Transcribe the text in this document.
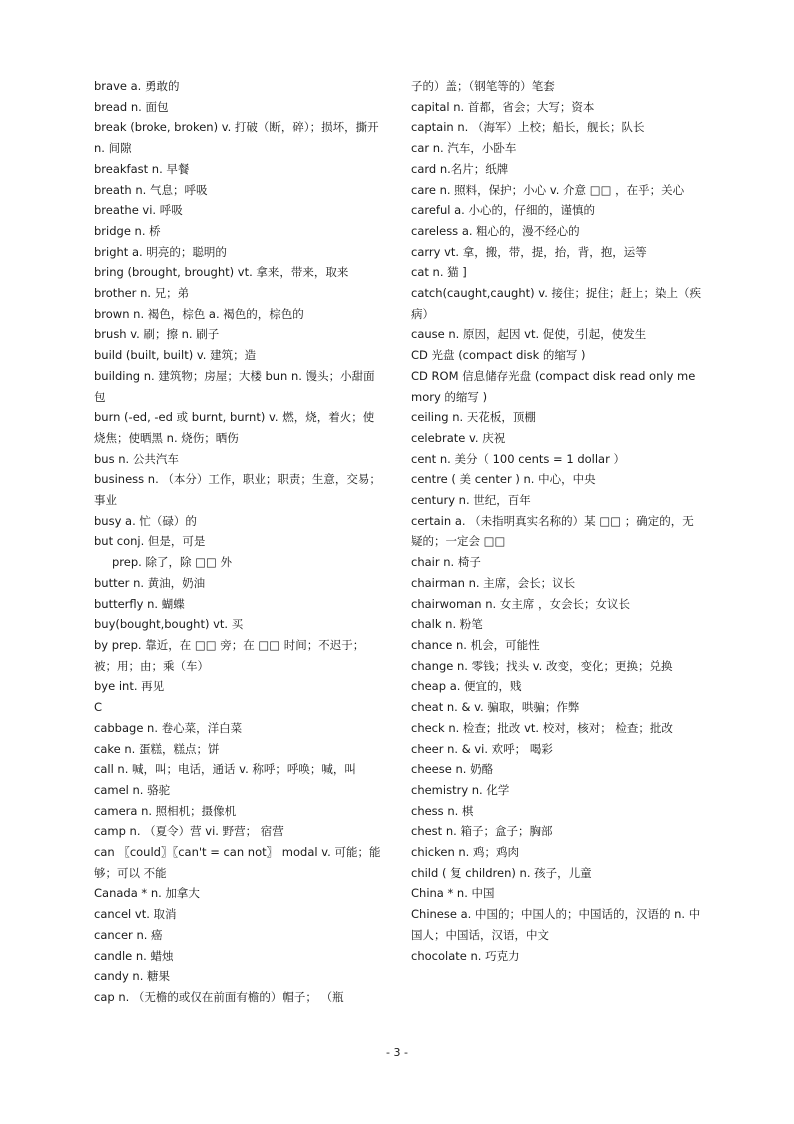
brave a. 勇敢的
bread n. 面包
break (broke, broken) v. 打破（断，碎）；损坏，撕开 n. 间隙
breakfast n. 早餐
breath n. 气息；呼吸
breathe vi. 呼吸
bridge n. 桥
bright a. 明亮的；聪明的
bring (brought, brought) vt. 拿来，带来，取来
brother n. 兄；弟
brown n. 褐色，棕色 a. 褐色的，棕色的
brush v. 刷；擦 n. 刷子
build (built, built) v. 建筑；造
building n. 建筑物；房屋；大楼 bun n. 馒头；小甜面包
burn (-ed, -ed 或 burnt, burnt) v. 燃，烧，着火；使烧焦；使晒黑 n. 烧伤；晒伤
bus n. 公共汽车
business n. （本分）工作，职业；职责；生意，交易；事业
busy a. 忙（碌）的
but conj. 但是，可是
prep. 除了，除 □□ 外
butter n. 黄油，奶油
butterfly n. 蝴蝶
buy(bought,bought) vt. 买
by prep. 靠近，在 □□ 旁；在 □□ 时间；不迟于；被；用；由；乘（车）
bye int. 再见
C
cabbage n. 卷心菜，洋白菜
cake n. 蛋糕，糕点；饼
call n. 喊，叫；电话，通话 v. 称呼；呼唤；喊，叫
camel n. 骆驼
camera n. 照相机；摄像机
camp n. （夏令）营 vi. 野营； 宿营
can 〖could〗〖can't = can not〗 modal v. 可能；能够；可以 不能
Canada * n. 加拿大
cancel vt. 取消
cancer n. 癌
candle n. 蜡烛
candy n. 糖果
cap n. （无檐的或仅在前面有檐的）帽子； （瓶
子的）盖；（钢笔等的）笔套
capital n. 首都，省会；大写；资本
captain n. （海军）上校；船长，舰长；队长
car n. 汽车，小卧车
card n.名片；纸牌
care n. 照料，保护；小心 v. 介意 □□ ，在乎；关心
careful a. 小心的，仔细的，谨慎的
careless a. 粗心的，漫不经心的
carry vt. 拿，搬，带，提，抬，背，抱，运等
cat n. 猫 ]
catch(caught,caught) v. 接住；捉住；赶上；染上（疾病）
cause n. 原因，起因 vt. 促使，引起，使发生
CD 光盘 (compact disk 的缩写 )
CD ROM 信息储存光盘 (compact disk read only memory 的缩写 )
ceiling n. 天花板，顶棚
celebrate v. 庆祝
cent n. 美分（ 100 cents = 1 dollar ）
centre ( 美 center ) n. 中心，中央
century n. 世纪，百年
certain a. （未指明真实名称的）某 □□ ；确定的，无疑的；一定会 □□
chair n. 椅子
chairman n. 主席，会长；议长
chairwoman n. 女主席 ，女会长；女议长
chalk n. 粉笔
chance n. 机会，可能性
change n. 零钱；找头 v. 改变，变化；更换；兑换
cheap a. 便宜的，贱
cheat n. & v. 骗取，哄骗；作弊
check n. 检查；批改 vt. 校对，核对； 检查；批改
cheer n. & vi. 欢呼； 喝彩
cheese n. 奶酪
chemistry n. 化学
chess n. 棋
chest n. 箱子；盒子；胸部
chicken n. 鸡；鸡肉
child ( 复 children) n. 孩子，儿童
China * n. 中国
Chinese a. 中国的；中国人的；中国话的，汉语的 n. 中国人；中国话，汉语，中文
chocolate n. 巧克力
- 3 -
